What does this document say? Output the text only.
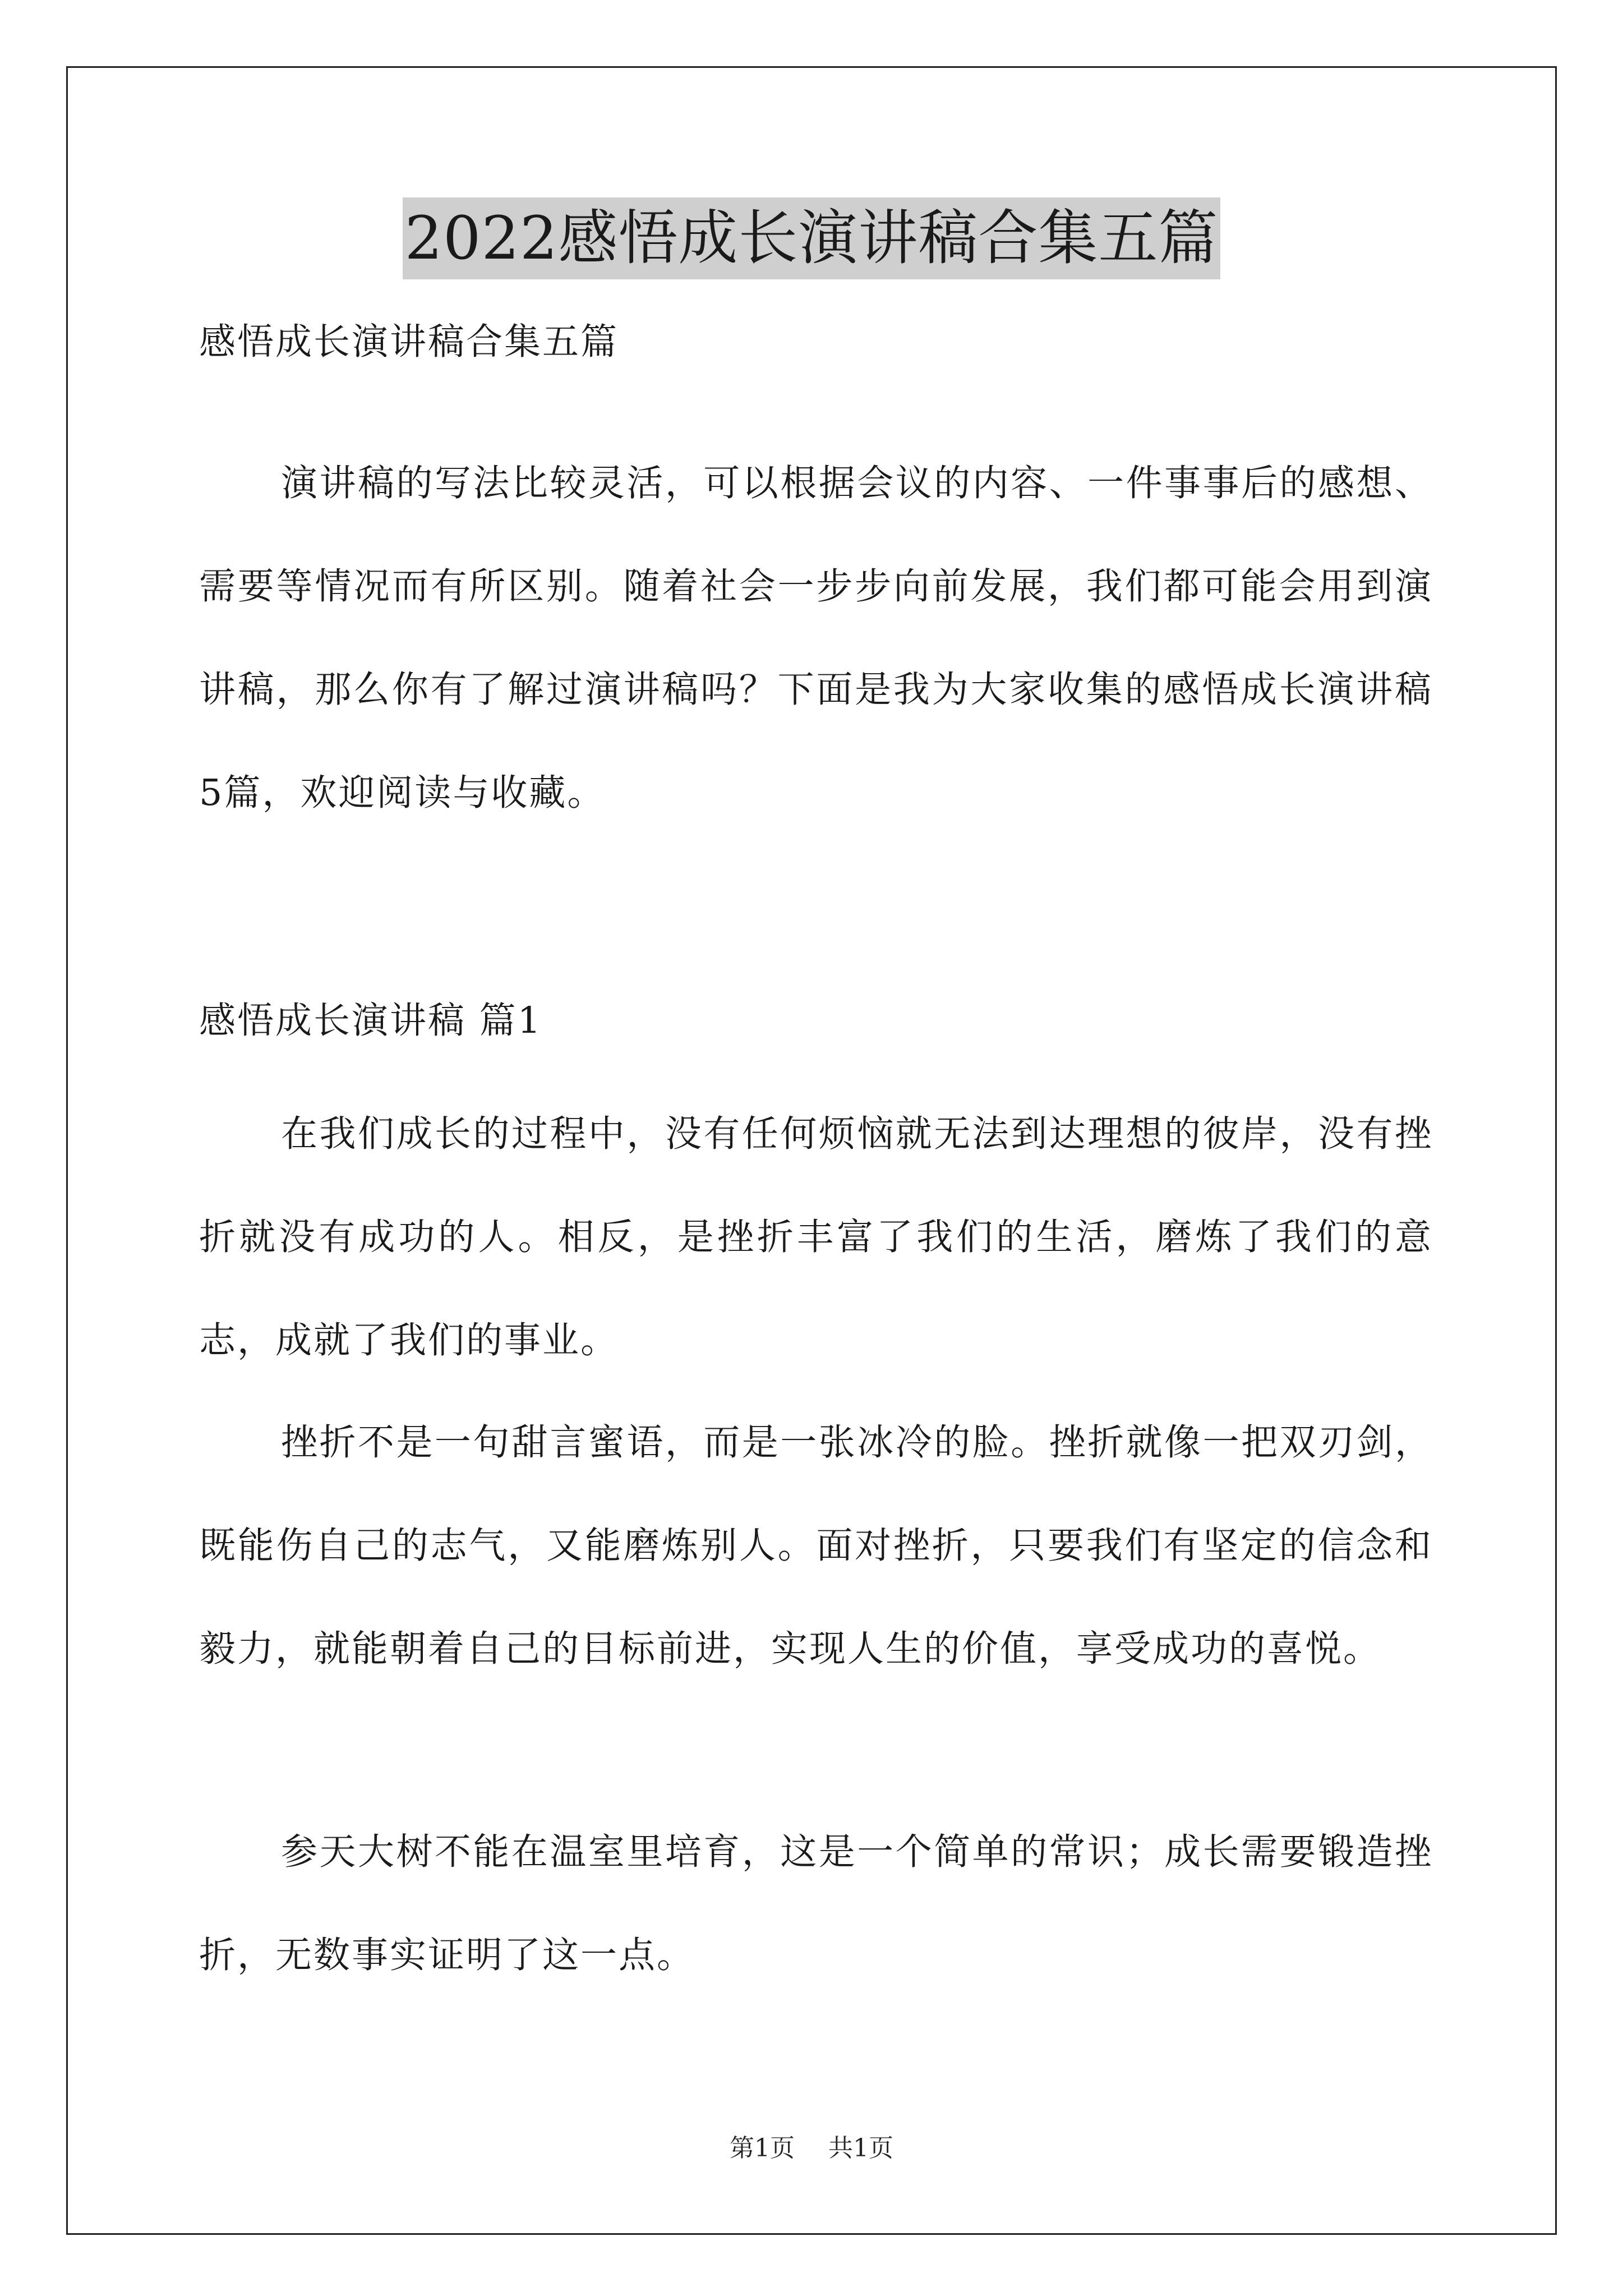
2022感悟成长演讲稿合集五篇
感悟成长演讲稿合集五篇

演讲稿的写法比较灵活，可以根据会议的内容、一件事事后的感想、需要等情况而有所区别。随着社会一步步向前发展，我们都可能会用到演讲稿，那么你有了解过演讲稿吗？下面是我为大家收集的感悟成长演讲稿5篇，欢迎阅读与收藏。

感悟成长演讲稿 篇1

在我们成长的过程中，没有任何烦恼就无法到达理想的彼岸，没有挫折就没有成功的人。相反，是挫折丰富了我们的生活，磨炼了我们的意志，成就了我们的事业。

挫折不是一句甜言蜜语，而是一张冰冷的脸。挫折就像一把双刃剑，既能伤自己的志气，又能磨炼别人。面对挫折，只要我们有坚定的信念和毅力，就能朝着自己的目标前进，实现人生的价值，享受成功的喜悦。

参天大树不能在温室里培育，这是一个简单的常识；成长需要锻造挫折，无数事实证明了这一点。

第1页 共1页
